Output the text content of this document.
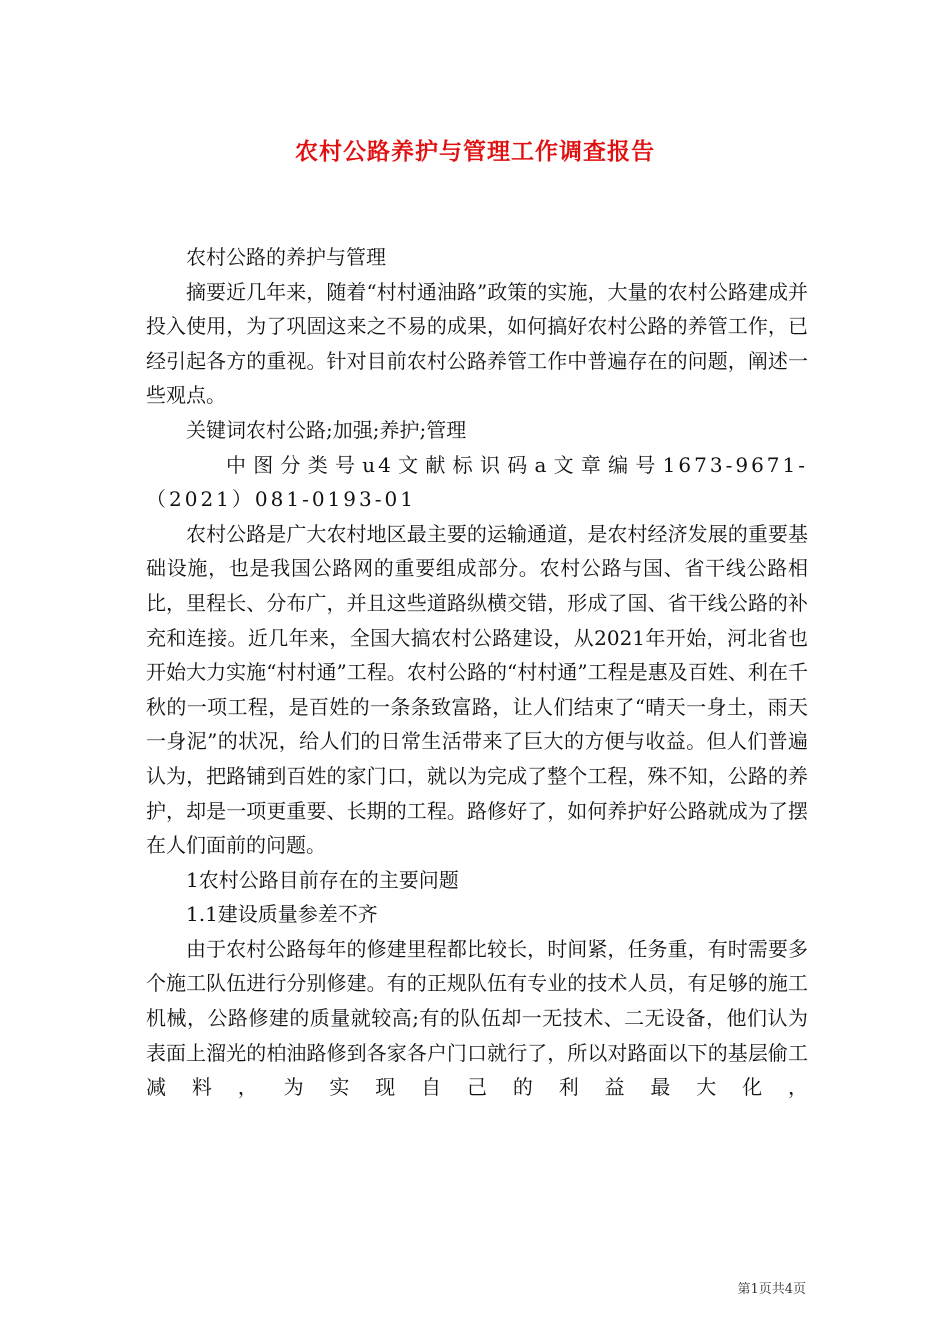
农村公路养护与管理工作调查报告

农村公路的养护与管理

摘要近几年来，随着“村村通油路”政策的实施，大量的农村公路建成并投入使用，为了巩固这来之不易的成果，如何搞好农村公路的养管工作，已经引起各方的重视。针对目前农村公路养管工作中普遍存在的问题，阐述一些观点。

关键词农村公路;加强;养护;管理

中图分类号u4文献标识码a文章编号1673-9671-（2021）081-0193-01

农村公路是广大农村地区最主要的运输通道，是农村经济发展的重要基础设施，也是我国公路网的重要组成部分。农村公路与国、省干线公路相比，里程长、分布广，并且这些道路纵横交错，形成了国、省干线公路的补充和连接。近几年来，全国大搞农村公路建设，从2021年开始，河北省也开始大力实施“村村通”工程。农村公路的“村村通”工程是惠及百姓、利在千秋的一项工程，是百姓的一条条致富路，让人们结束了“晴天一身土，雨天一身泥”的状况，给人们的日常生活带来了巨大的方便与收益。但人们普遍认为，把路铺到百姓的家门口，就以为完成了整个工程，殊不知，公路的养护，却是一项更重要、长期的工程。路修好了，如何养护好公路就成为了摆在人们面前的问题。

1农村公路目前存在的主要问题

1.1建设质量参差不齐

由于农村公路每年的修建里程都比较长，时间紧，任务重，有时需要多个施工队伍进行分别修建。有的正规队伍有专业的技术人员，有足够的施工机械，公路修建的质量就较高;有的队伍却一无技术、二无设备，他们认为表面上溜光的柏油路修到各家各户门口就行了，所以对路面以下的基层偷工减料，为实现自己的利益最大化，

第1页共4页
